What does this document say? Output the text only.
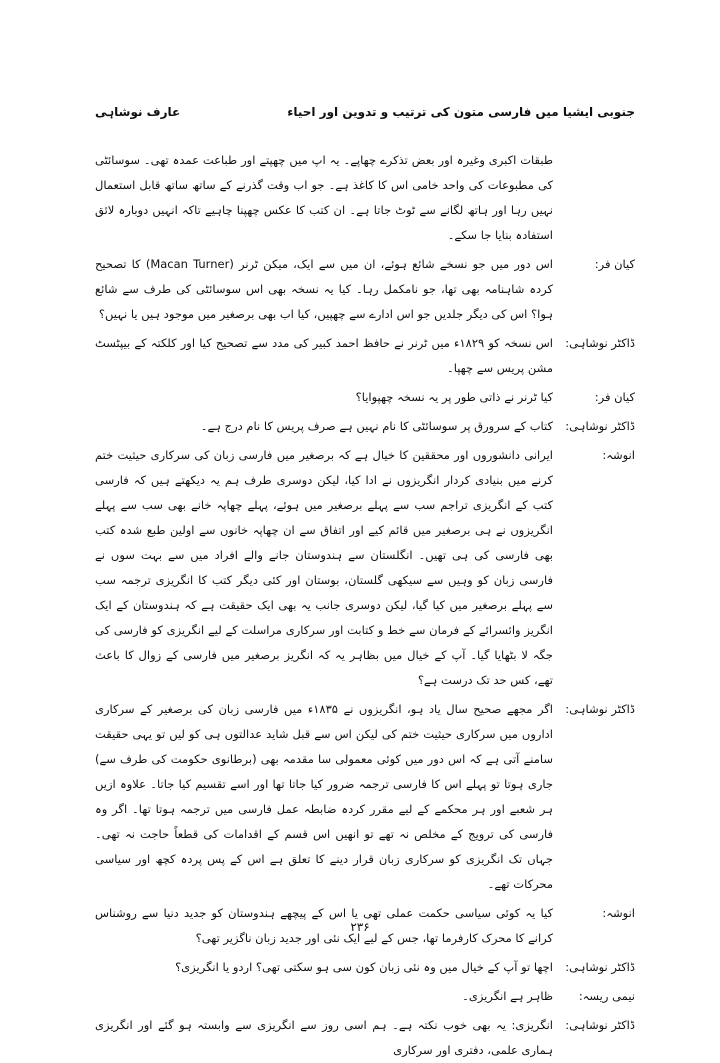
جنوبی ایشیا میں فارسی متون کی ترتیب و تدوین اور احیاء
عارف نوشاہی
طبقات اکبری وغیرہ اور بعض تذکرے چھاپے۔ یہ اپ میں چھپتے اور طباعت عمدہ تھی۔ سوسائٹی کی مطبوعات کی واحد خامی اس کا کاغذ ہے۔ جو اب وقت گذرنے کے ساتھ ساتھ قابل استعمال نہیں رہا اور ہاتھ لگانے سے ٹوٹ جاتا ہے۔ ان کتب کا عکس چھپنا چاہیے تاکہ انہیں دوبارہ لائق استفادہ بنایا جا سکے۔
کیان فر:
اس دور میں جو نسخے شائع ہوئے، ان میں سے ایک، میکن ٹرنر (Macan Turner) کا تصحیح کردہ شاہنامہ بھی تھا، جو نامکمل رہا۔ کیا یہ نسخہ بھی اس سوسائٹی کی طرف سے شائع ہوا؟ اس کی دیگر جلدیں جو اس ادارے سے چھپیں، کیا اب بھی برصغیر میں موجود ہیں یا نہیں؟
ڈاکٹر نوشاہی:
اس نسخہ کو ۱۸۲۹ء میں ٹرنر نے حافظ احمد کبیر کی مدد سے تصحیح کیا اور کلکتہ کے بیپٹسٹ مشن پریس سے چھپا۔
کیان فر:
کیا ٹرنر نے ذاتی طور پر یہ نسخہ چھپوایا؟
ڈاکٹر نوشاہی:
کتاب کے سرورق پر سوسائٹی کا نام نہیں ہے صرف پریس کا نام درج ہے۔
انوشہ:
ایرانی دانشوروں اور محققین کا خیال ہے کہ برصغیر میں فارسی زبان کی سرکاری حیثیت ختم کرنے میں بنیادی کردار انگریزوں نے ادا کیا، لیکن دوسری طرف ہم یہ دیکھتے ہیں کہ فارسی کتب کے انگریزی تراجم سب سے پہلے برصغیر میں ہوئے، پہلے چھاپہ خانے بھی سب سے پہلے انگریزوں نے ہی برصغیر میں قائم کیے اور اتفاق سے ان چھاپہ خانوں سے اولین طبع شدہ کتب بھی فارسی کی ہی تھیں۔ انگلستان سے ہندوستان جانے والے افراد میں سے بہت سوں نے فارسی زبان کو وہیں سے سیکھی گلستان، بوستان اور کئی دیگر کتب کا انگریزی ترجمہ سب سے پہلے برصغیر میں کیا گیا، لیکن دوسری جانب یہ بھی ایک حقیقت ہے کہ ہندوستان کے ایک انگریز وائسرائے کے فرمان سے خط و کتابت اور سرکاری مراسلت کے لیے انگریزی کو فارسی کی جگہ لا بٹھایا گیا۔ آپ کے خیال میں بظاہر یہ کہ انگریز برصغیر میں فارسی کے زوال کا باعث تھے، کس حد تک درست ہے؟
ڈاکٹر نوشاہی:
اگر مجھے صحیح سال یاد ہو، انگریزوں نے ۱۸۳۵ء میں فارسی زبان کی برصغیر کے سرکاری اداروں میں سرکاری حیثیت ختم کی لیکن اس سے قبل شاید عدالتوں ہی کو لیں تو یہی حقیقت سامنے آتی ہے کہ اس دور میں کوئی معمولی سا مقدمہ بھی (برطانوی حکومت کی طرف سے) جاری ہوتا تو پہلے اس کا فارسی ترجمہ ضرور کیا جاتا تھا اور اسے تقسیم کیا جاتا۔ علاوہ ازیں ہر شعبے اور ہر محکمے کے لیے مقرر کردہ ضابطہ عمل فارسی میں ترجمہ ہوتا تھا۔ اگر وہ فارسی کی ترویج کے مخلص نہ تھے تو انھیں اس قسم کے اقدامات کی قطعاً حاجت نہ تھی۔ جہاں تک انگریزی کو سرکاری زبان قرار دینے کا تعلق ہے اس کے پس پردہ کچھ اور سیاسی محرکات تھے۔
انوشہ:
کیا یہ کوئی سیاسی حکمت عملی تھی یا اس کے پیچھے ہندوستان کو جدید دنیا سے روشناس کرانے کا محرک کارفرما تھا، جس کے لیے ایک نئی اور جدید زبان ناگزیر تھی؟
ڈاکٹر نوشاہی:
اچھا تو آپ کے خیال میں وہ نئی زبان کون سی ہو سکتی تھی؟ اردو یا انگریزی؟
نیمی ریسہ:
ظاہر ہے انگریزی۔
ڈاکٹر نوشاہی:
انگریزی: یہ بھی خوب نکتہ ہے۔ ہم اسی روز سے انگریزی سے وابستہ ہو گئے اور انگریزی ہماری علمی، دفتری اور سرکاری
۲۳۶
